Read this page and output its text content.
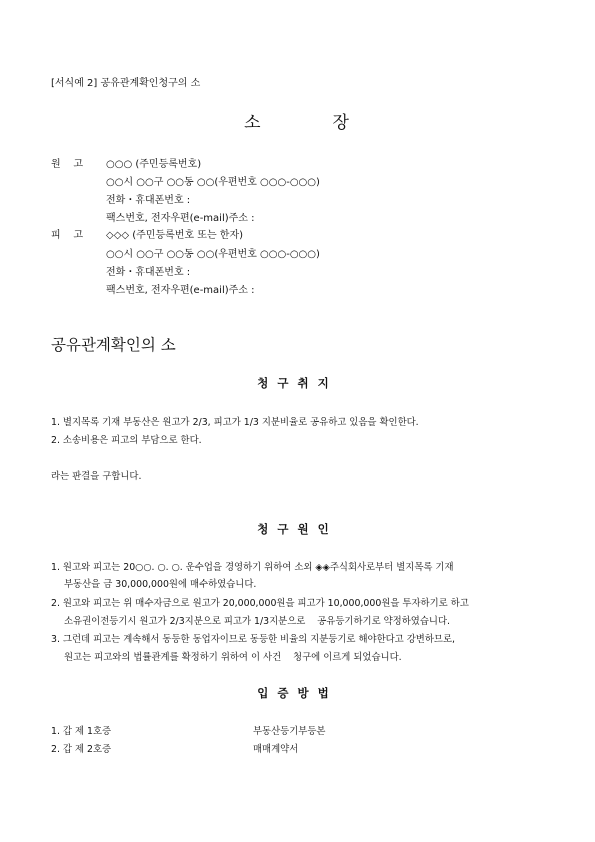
[서식예 2] 공유관계확인청구의 소
소	장
원    고 ○○○ (주민등록번호)
○○시 ○○구 ○○동 ○○(우편번호 ○○○-○○○)
전화・휴대폰번호 :
팩스번호, 전자우편(e-mail)주소 :
피    고 ◇◇◇ (주민등록번호 또는 한자)
○○시 ○○구 ○○동 ○○(우편번호 ○○○-○○○)
전화・휴대폰번호 :
팩스번호, 전자우편(e-mail)주소 :
공유관계확인의 소
청구취지
1. 별지목록 기재 부동산은 원고가 2/3, 피고가 1/3 지분비율로 공유하고 있음을 확인한다.
2. 소송비용은 피고의 부담으로 한다.
라는 판결을 구합니다.
청구원인
1. 원고와 피고는 20○○. ○. ○. 운수업을 경영하기 위하여 소외 ◈◈주식회사로부터 별지목록 기재
부동산을 금 30,000,000원에 매수하였습니다.
2. 원고와 피고는 위 매수자금으로 원고가 20,000,000원을 피고가 10,000,000원을 투자하기로 하고
소유권이전등기시 원고가 2/3지분으로 피고가 1/3지분으로    공유등기하기로 약정하였습니다.
3. 그런데 피고는 계속해서 동등한 동업자이므로 동등한 비율의 지분등기로 해야한다고 강변하므로,
원고는 피고와의 법률관계를 확정하기 위하여 이 사건    청구에 이르게 되었습니다.
입증방법
1. 갑 제 1호증	부동산등기부등본
2. 갑 제 2호증	매매계약서
